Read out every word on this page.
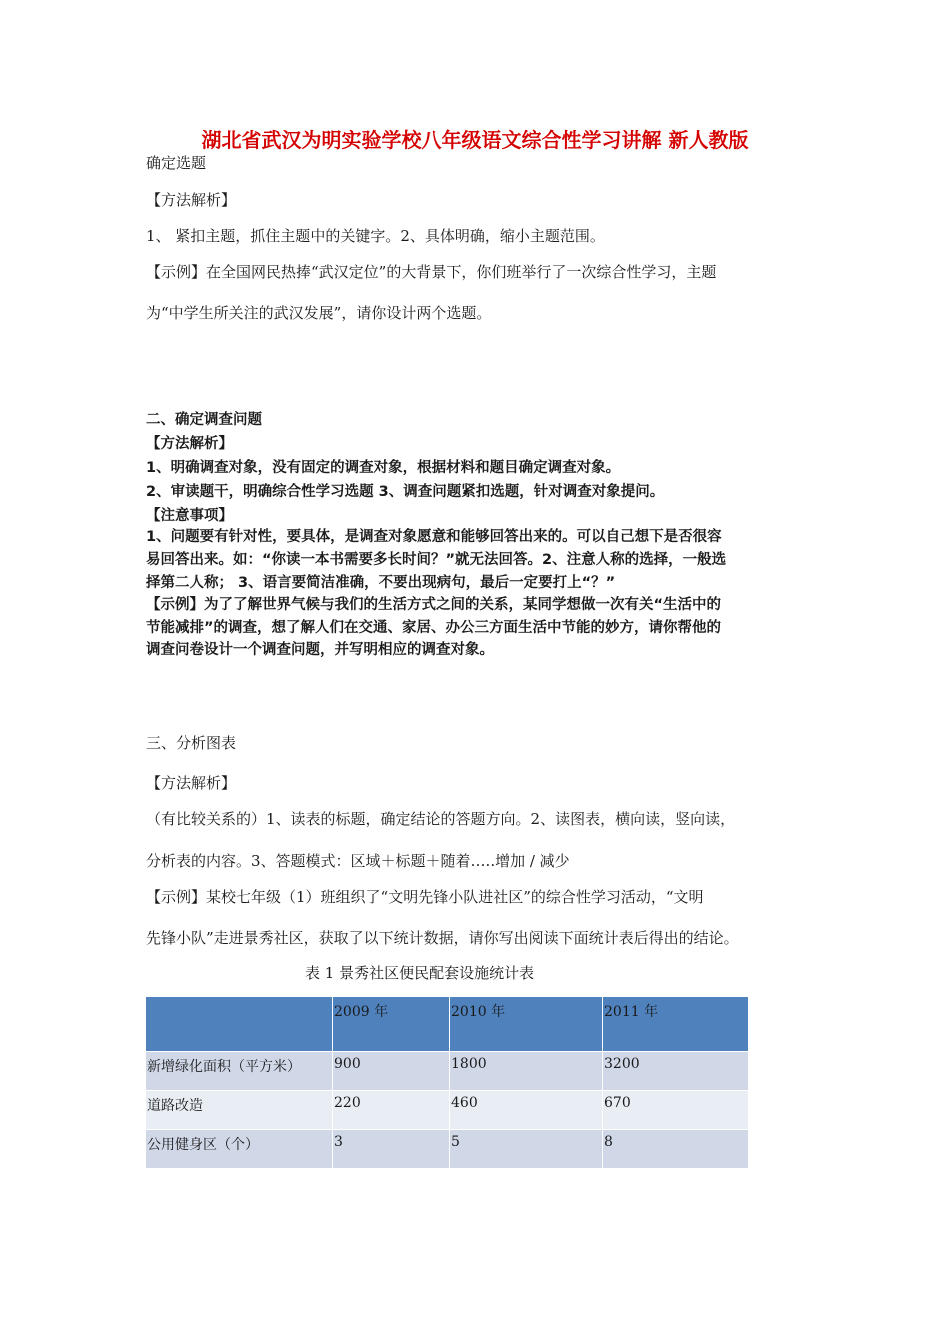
湖北省武汉为明实验学校八年级语文综合性学习讲解 新人教版
确定选题
【方法解析】
1、 紧扣主题，抓住主题中的关键字。2、具体明确，缩小主题范围。
【示例】在全国网民热捧“武汉定位”的大背景下，你们班举行了一次综合性学习，主题
为“中学生所关注的武汉发展”，请你设计两个选题。
二、确定调查问题
【方法解析】
1、明确调查对象，没有固定的调查对象，根据材料和题目确定调查对象。
2、审读题干，明确综合性学习选题 3、调查问题紧扣选题，针对调查对象提问。
【注意事项】
1、问题要有针对性，要具体，是调查对象愿意和能够回答出来的。可以自己想下是否很容
易回答出来。如：“你读一本书需要多长时间？”就无法回答。2、注意人称的选择，一般选
择第二人称； 3、语言要简洁准确，不要出现病句，最后一定要打上“？”
【示例】为了了解世界气候与我们的生活方式之间的关系，某同学想做一次有关“生活中的
节能减排”的调查，想了解人们在交通、家居、办公三方面生活中节能的妙方，请你帮他的
调查问卷设计一个调查问题，并写明相应的调查对象。
三、分析图表
【方法解析】
（有比较关系的）1、读表的标题，确定结论的答题方向。2、读图表，横向读，竖向读，
分析表的内容。3、答题模式：区域＋标题＋随着…..增加 / 减少
【示例】某校七年级（1）班组织了“文明先锋小队进社区”的综合性学习活动，“文明
先锋小队”走进景秀社区，获取了以下统计数据，请你写出阅读下面统计表后得出的结论。
表 1 景秀社区便民配套设施统计表
	2009 年	2010 年	2011 年
新增绿化面积（平方米）	900	1800	3200
道路改造	220	460	670
公用健身区（个）	3	5	8
